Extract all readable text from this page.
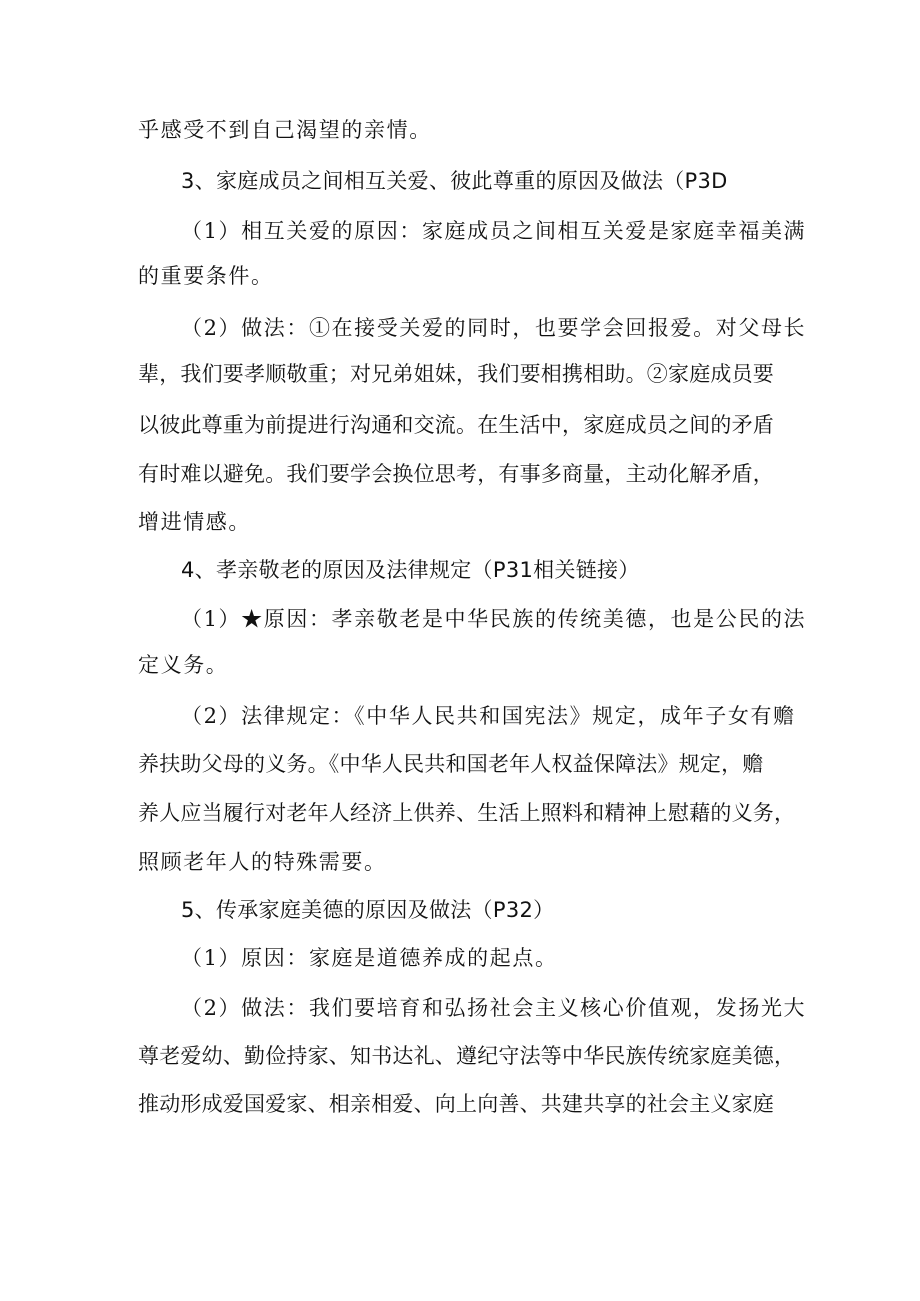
乎感受不到自己渴望的亲情。
3、家庭成员之间相互关爱、彼此尊重的原因及做法（P3D
（1）相互关爱的原因：家庭成员之间相互关爱是家庭幸福美满
的重要条件。
（2）做法：①在接受关爱的同时，也要学会回报爱。对父母长
辈，我们要孝顺敬重；对兄弟姐妹，我们要相携相助。②家庭成员要
以彼此尊重为前提进行沟通和交流。在生活中，家庭成员之间的矛盾
有时难以避免。我们要学会换位思考，有事多商量，主动化解矛盾，
增进情感。
4、孝亲敬老的原因及法律规定（P31相关链接）
（1）★原因：孝亲敬老是中华民族的传统美德，也是公民的法
定义务。
（2）法律规定：《中华人民共和国宪法》规定，成年子女有赡
养扶助父母的义务。《中华人民共和国老年人权益保障法》规定，赡
养人应当履行对老年人经济上供养、生活上照料和精神上慰藉的义务，
照顾老年人的特殊需要。
5、传承家庭美德的原因及做法（P32）
（1）原因：家庭是道德养成的起点。
（2）做法：我们要培育和弘扬社会主义核心价值观，发扬光大
尊老爱幼、勤俭持家、知书达礼、遵纪守法等中华民族传统家庭美德，
推动形成爱国爱家、相亲相爱、向上向善、共建共享的社会主义家庭
